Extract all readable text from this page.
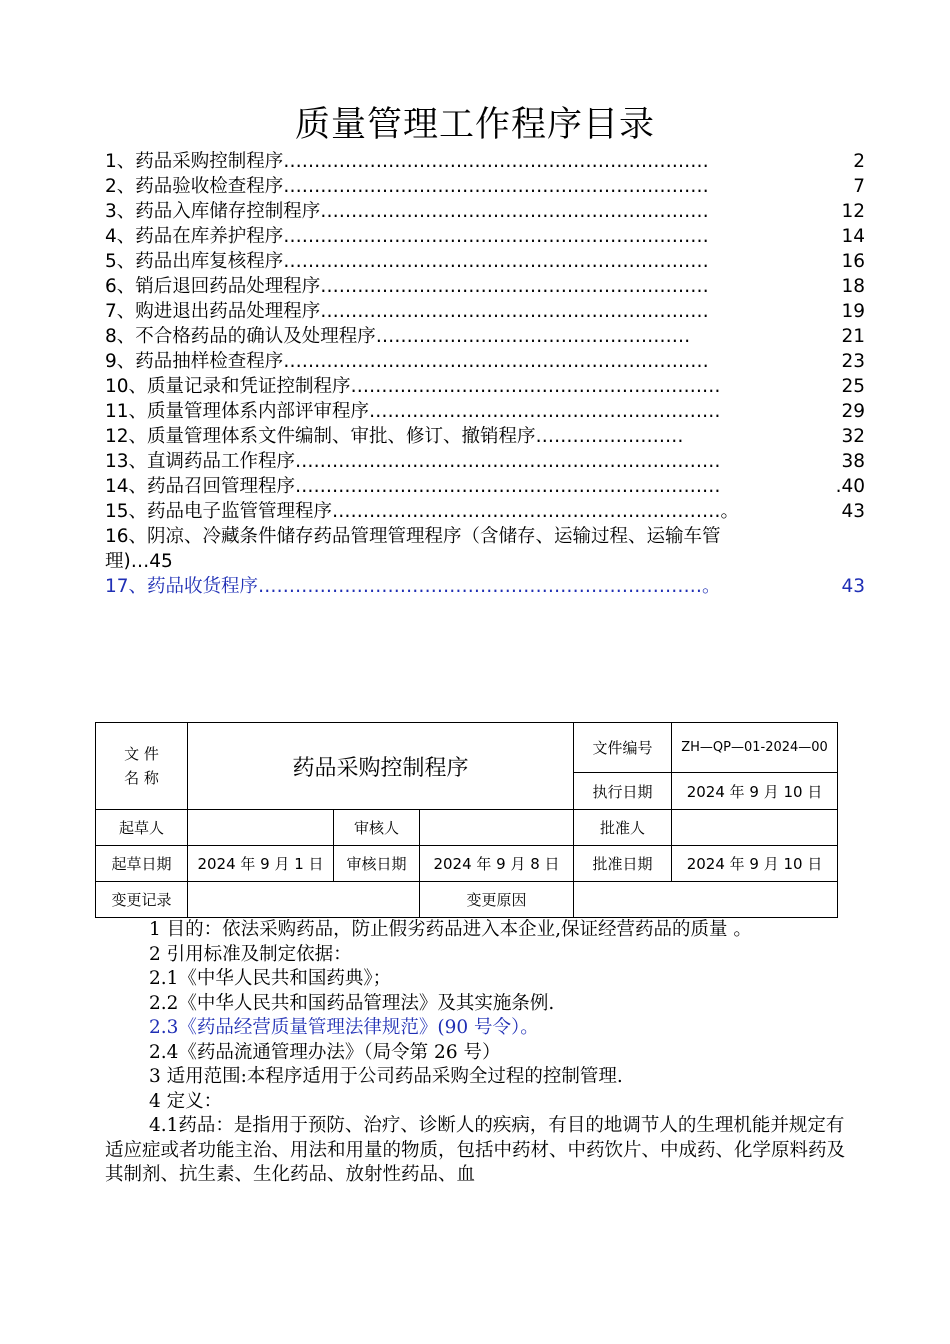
质量管理工作程序目录
1、药品采购控制程序 ……………………………………………………………	2
2、药品验收检查程序 ……………………………………………………………	7
3、药品入库储存控制程序 ………………………………………………………	12
4、药品在库养护程序 ……………………………………………………………	14
5、药品出库复核程序 ……………………………………………………………	16
6、销后退回药品处理程序 ………………………………………………………	18
7、购进退出药品处理程序 ………………………………………………………	19
8、不合格药品的确认及处理程序 ……………………………………………	21
9、药品抽样检查程序 ……………………………………………………………	23
10、质量记录和凭证控制程序 ……………………………………………………	25
11、质量管理体系内部评审程序 …………………………………………………	29
12、质量管理体系文件编制、审批、修订、撤销程序 ……………………	32
13、直调药品工作程序 ……………………………………………………………	38
14、药品召回管理程序 ……………………………………………………………	.40
15、药品电子监管管理程序 ………………………………………………………。	43
16、阴凉、冷藏条件储存药品管理管理程序（含储存、运输过程、运输车管
理)…45
17、药品收货程序 ………………………………………………………………。	43
文 件
名 称	药品采购控制程序			文件编号	ZH—QP—01-2024—00
				执行日期	2024 年 9 月 10 日
起草人		审核人		批准人	
起草日期	2024 年 9 月 1 日	审核日期	2024 年 9 月 8 日	批准日期	2024 年 9 月 10 日
变更记录			变更原因		

1 目的：依法采购药品，防止假劣药品进入本企业,保证经营药品的质量 。

2 引用标准及制定依据：

2.1《中华人民共和国药典》；

2.2《中华人民共和国药品管理法》及其实施条例.

2.3《药品经营质量管理法律规范》(90 号令）。

2.4《药品流通管理办法》（局令第 26 号）

3 适用范围:本程序适用于公司药品采购全过程的控制管理.

4 定义：

4.1药品：是指用于预防、治疗、诊断人的疾病，有目的地调节人的生理机能并规定有适应症或者功能主治、用法和用量的物质，包括中药材、中药饮片、中成药、化学原料药及其制剂、抗生素、生化药品、放射性药品、血
